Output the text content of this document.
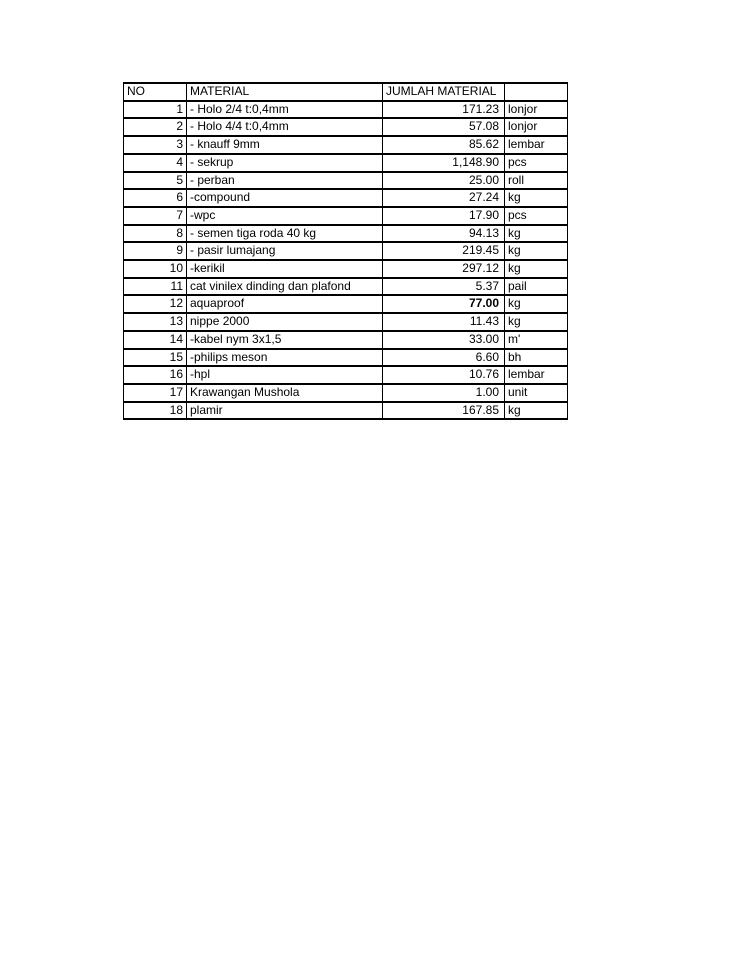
NO	MATERIAL	JUMLAH MATERIAL	
1	- Holo 2/4 t:0,4mm	171.23	lonjor
2	- Holo 4/4 t:0,4mm	57.08	lonjor
3	- knauff 9mm	85.62	lembar
4	- sekrup	1,148.90	pcs
5	- perban	25.00	roll
6	-compound	27.24	kg
7	-wpc	17.90	pcs
8	- semen tiga roda 40 kg	94.13	kg
9	- pasir lumajang	219.45	kg
10	-kerikil	297.12	kg
11	cat vinilex dinding dan plafond	5.37	pail
12	aquaproof	77.00	kg
13	nippe 2000	11.43	kg
14	-kabel nym 3x1,5	33.00	m'
15	-philips meson	6.60	bh
16	-hpl	10.76	lembar
17	Krawangan Mushola	1.00	unit
18	plamir	167.85	kg
